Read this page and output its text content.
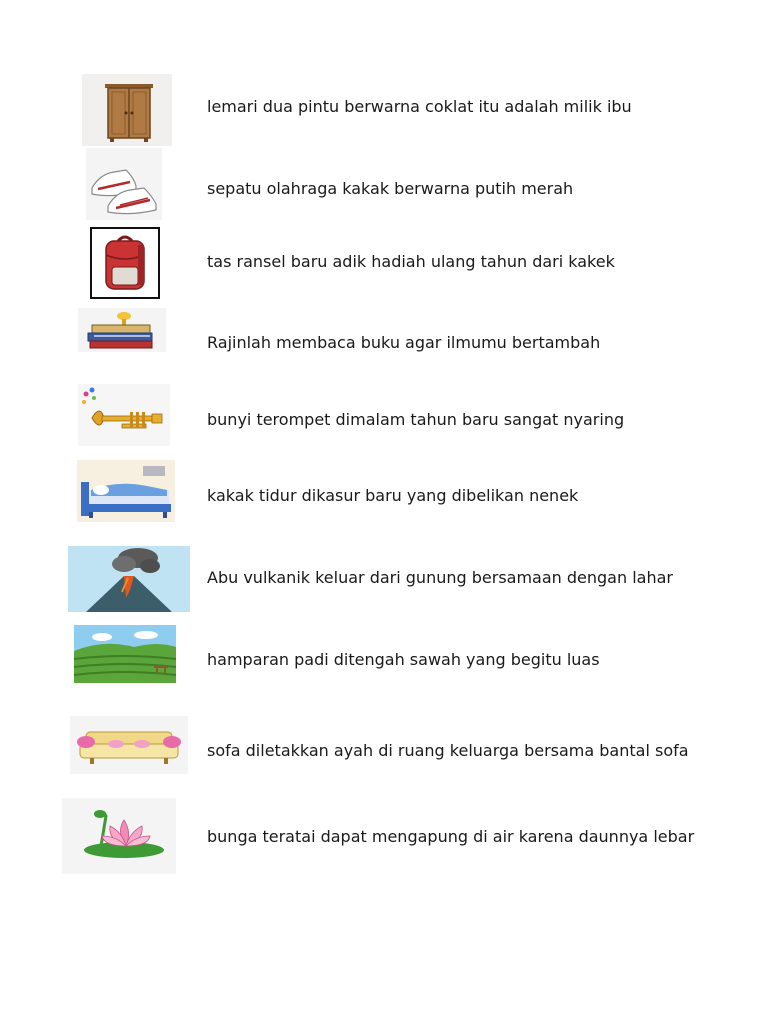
lemari dua pintu berwarna coklat itu adalah milik ibu
sepatu olahraga kakak berwarna putih merah
tas ransel baru adik hadiah ulang tahun dari kakek
Rajinlah membaca buku agar ilmumu bertambah
bunyi terompet dimalam tahun baru sangat nyaring
kakak tidur dikasur baru yang dibelikan nenek
Abu vulkanik keluar dari gunung bersamaan dengan lahar
hamparan padi ditengah sawah yang begitu luas
sofa diletakkan ayah di ruang keluarga bersama bantal sofa
bunga teratai dapat mengapung di air karena daunnya lebar
